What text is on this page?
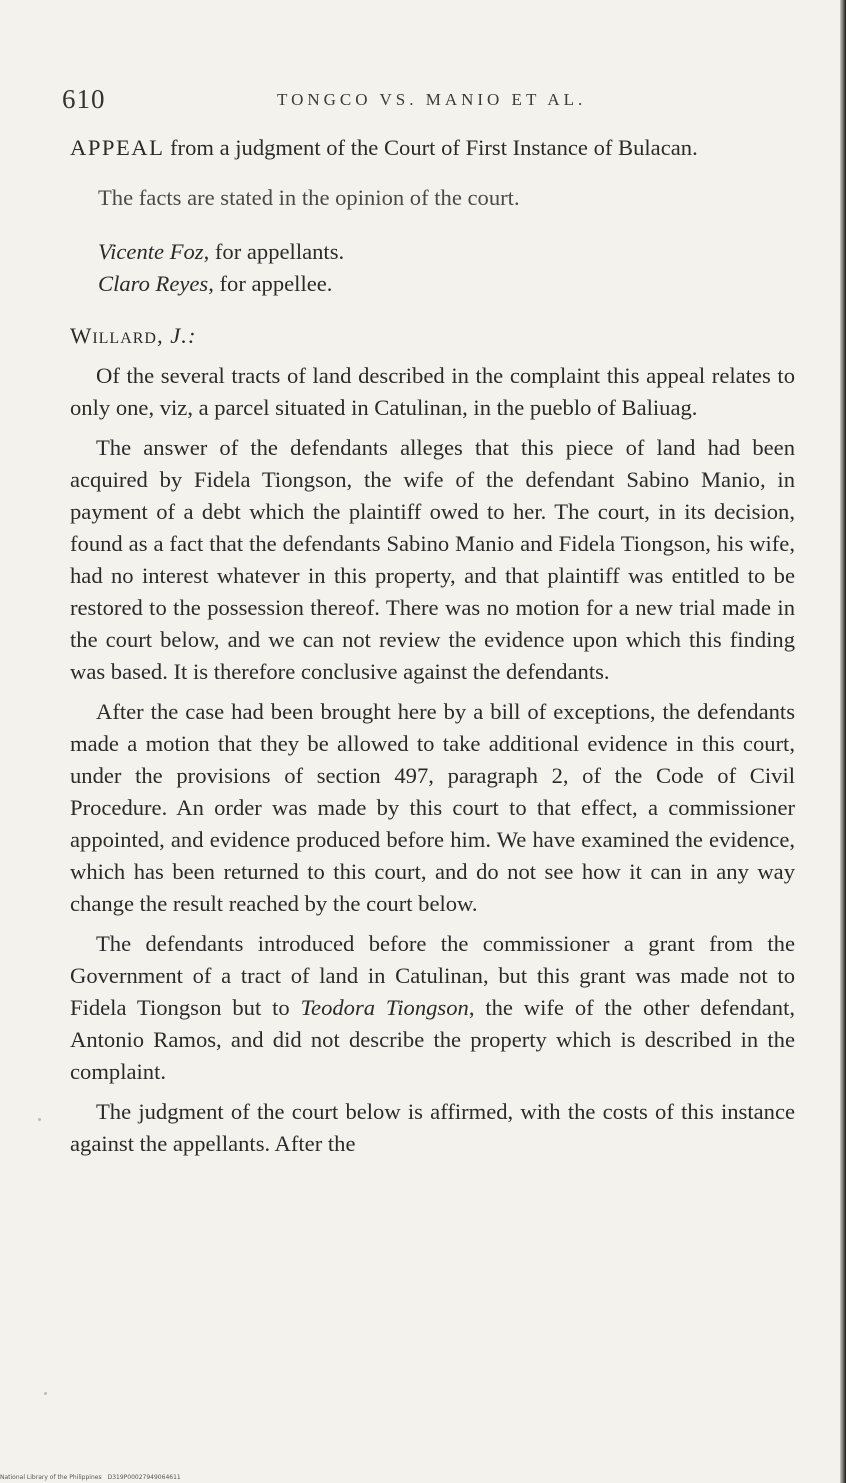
610	TONGCO VS. MANIO ET AL.

APPEAL from a judgment of the Court of First Instance of Bulacan.

The facts are stated in the opinion of the court.

Vicente Foz, for appellants.
Claro Reyes, for appellee.

Willard, J.:

Of the several tracts of land described in the complaint this appeal relates to only one, viz, a parcel situated in Catulinan, in the pueblo of Baliuag.

The answer of the defendants alleges that this piece of land had been acquired by Fidela Tiongson, the wife of the defendant Sabino Manio, in payment of a debt which the plaintiff owed to her. The court, in its decision, found as a fact that the defendants Sabino Manio and Fidela Tiongson, his wife, had no interest whatever in this property, and that plaintiff was entitled to be restored to the possession thereof. There was no motion for a new trial made in the court below, and we can not review the evidence upon which this finding was based. It is therefore conclusive against the defendants.

After the case had been brought here by a bill of exceptions, the defendants made a motion that they be allowed to take additional evidence in this court, under the provisions of section 497, paragraph 2, of the Code of Civil Procedure. An order was made by this court to that effect, a commissioner appointed, and evidence produced before him. We have examined the evidence, which has been returned to this court, and do not see how it can in any way change the result reached by the court below.

The defendants introduced before the commissioner a grant from the Government of a tract of land in Catulinan, but this grant was made not to Fidela Tiongson but to Teodora Tiongson, the wife of the other defendant, Antonio Ramos, and did not describe the property which is described in the complaint.

The judgment of the court below is affirmed, with the costs of this instance against the appellants. After the

National Library of the Philippines D319P00027949064611
